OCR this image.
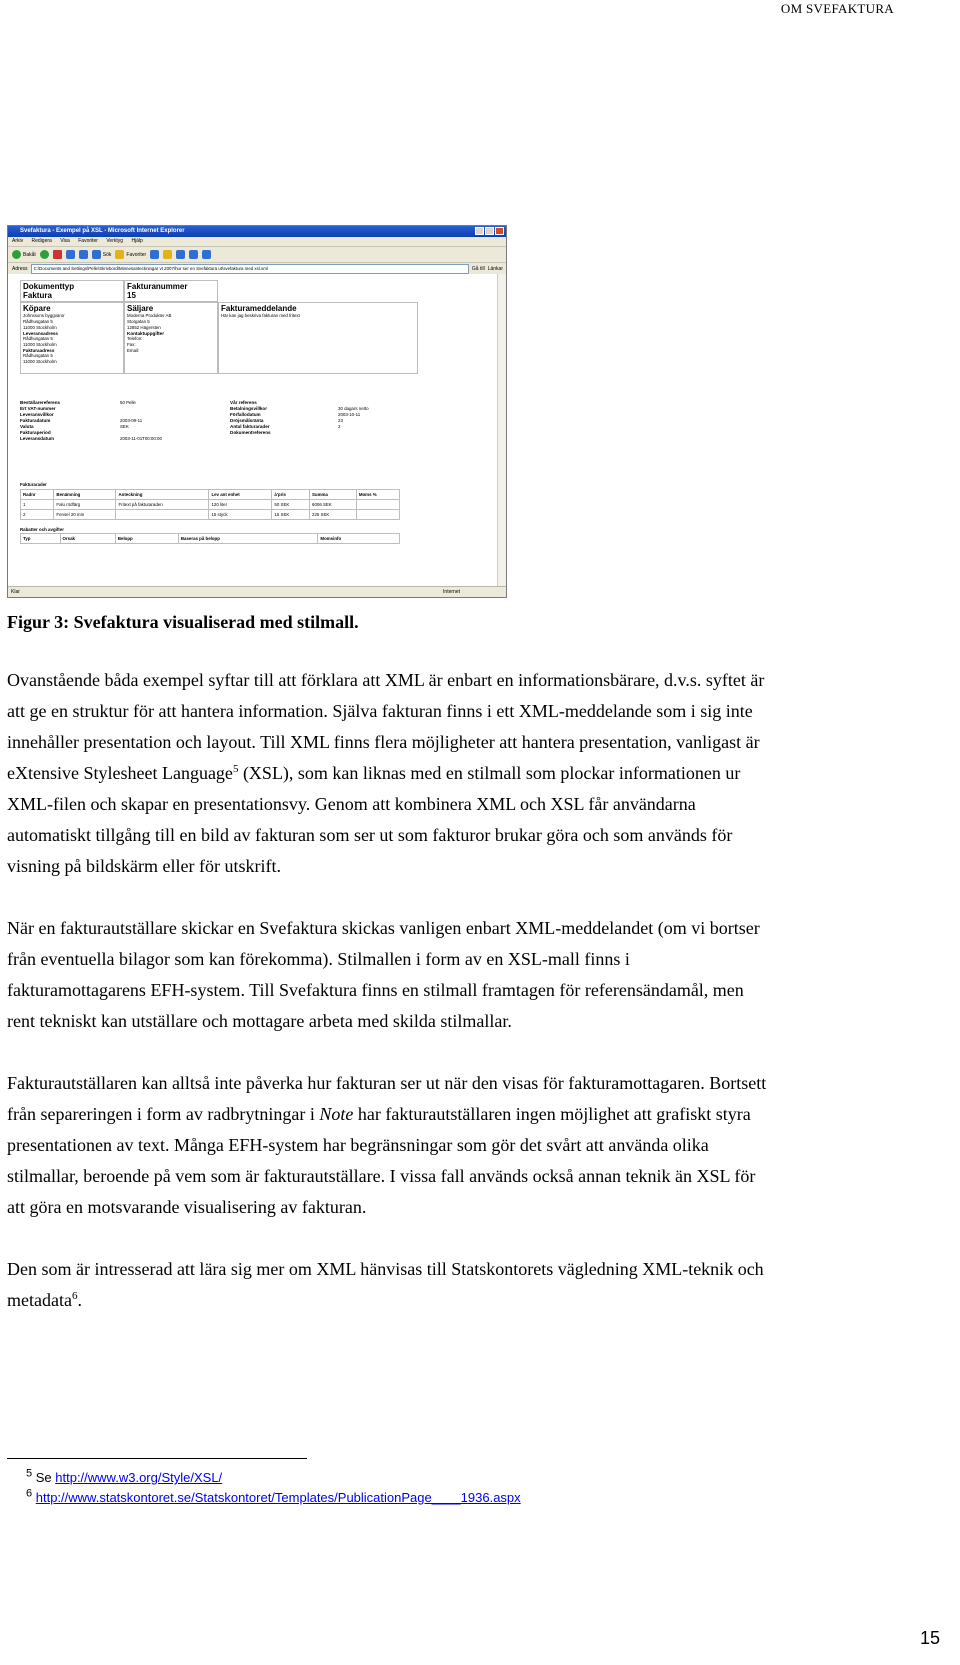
OM SVEFAKTURA
Svefaktura - Exempel på XSL - Microsoft Internet Explorer
Arkiv Redigera Visa Favoriter Verktyg Hjälp
Bakåt	Sök	Favoriter
Adress	C:\Documents and Settings\Pelle\Skrivbord\Minnesanteckningar vt 2007\hur ser en Svefaktura ut\svefaktura med xsl.xml	Gå till Länkar
Dokumenttyp
Faktura
Fakturanummer
15
Köpare
Johnssons byggvaror
Rådhusgatan 5
11000 Stockholm
Leveransadress
Rådhusgatan 5
11000 Stockholm
Fakturaadress
Rådhusgatan 5
11000 Stockholm
Säljare
Moderna Produkter AB
Storgatan 5
12852 Hägersten
Kontaktuppgifter
Telefon:
Fax:
Email:
Fakturameddelande
Här kan jag beskriva fakturan med fritext
Beställarereferens	50 Pelle
Ert VAT-nummer
Leveransvillkor
Fakturadatum	2003-09-11
Valuta	SEK
Fakturaperiod
Leveransdatum	2003-11-01T00:00:00
Vår referens
Betalningsvillkor	30 dagars netto
Förfallodatum	2003-10-11
Dröjsmålsränta	23
Antal fakturarader	2
Dokumentreferens
Fakturarader
Radnr	Benämning	Anteckning	Lev ant enhet	à'pris	Summa	Moms %
1	Falu rödfärg	Fritext på fakturaraden	120 liter	50 SEK	6006 SEK	
2	Fensel 20 mm		15 styck	15 SEK	225 SEK	
Rabatter och avgifter
Typ	Orsak	Belopp	Baseras på belopp	Momsinfo
Klar	Internet
Figur 3: Svefaktura visualiserad med stilmall.

Ovanstående båda exempel syftar till att förklara att XML är enbart en informationsbärare, d.v.s. syftet är att ge en struktur för att hantera information. Själva fakturan finns i ett XML-meddelande som i sig inte innehåller presentation och layout. Till XML finns flera möjligheter att hantera presentation, vanligast är eXtensive Stylesheet Language$^5$ (XSL), som kan liknas med en stilmall som plockar informationen ur XML-filen och skapar en presentationsvy. Genom att kombinera XML och XSL får användarna automatiskt tillgång till en bild av fakturan som ser ut som fakturor brukar göra och som används för visning på bildskärm eller för utskrift.

När en fakturautställare skickar en Svefaktura skickas vanligen enbart XML-meddelandet (om vi bortser från eventuella bilagor som kan förekomma). Stilmallen i form av en XSL-mall finns i fakturamottagarens EFH-system. Till Svefaktura finns en stilmall framtagen för referensändamål, men rent tekniskt kan utställare och mottagare arbeta med skilda stilmallar.

Fakturautställaren kan alltså inte påverka hur fakturan ser ut när den visas för fakturamottagaren. Bortsett från separeringen i form av radbrytningar i Note har fakturautställaren ingen möjlighet att grafiskt styra presentationen av text. Många EFH-system har begränsningar som gör det svårt att använda olika stilmallar, beroende på vem som är fakturautställare. I vissa fall används också annan teknik än XSL för att göra en motsvarande visualisering av fakturan.

Den som är intresserad att lära sig mer om XML hänvisas till Statskontorets vägledning XML-teknik och metadata$^6$.

$^5$ Se http://www.w3.org/Style/XSL/
$^6$ http://www.statskontoret.se/Statskontoret/Templates/PublicationPage____1936.aspx
15
